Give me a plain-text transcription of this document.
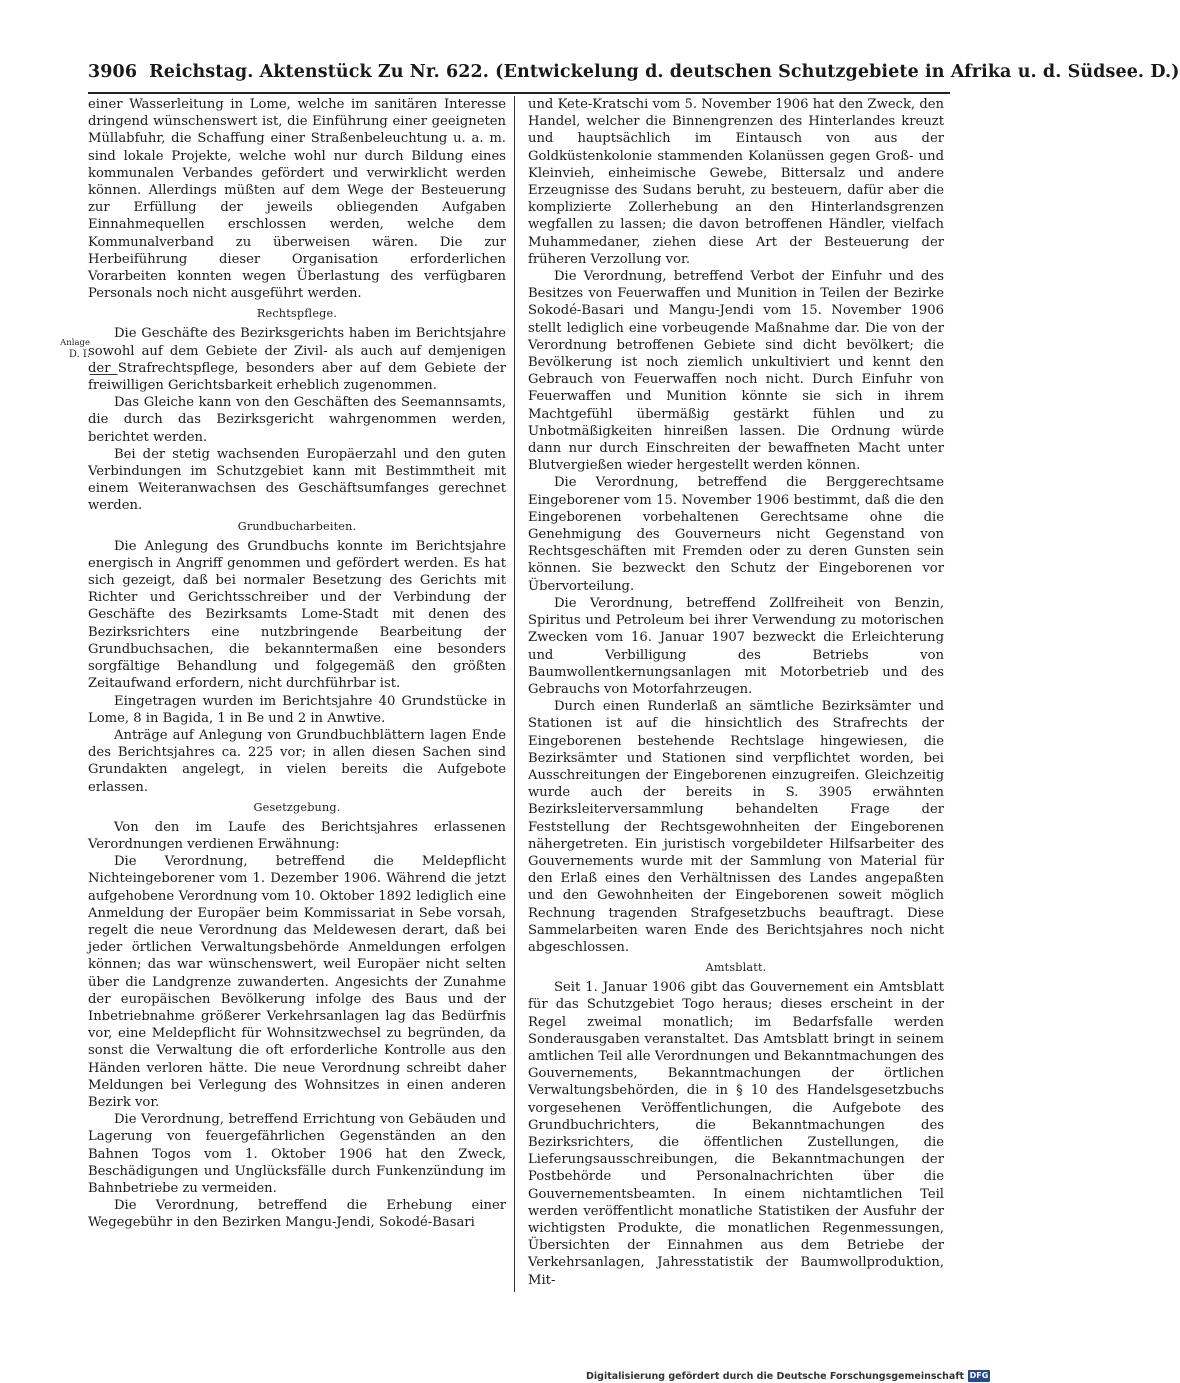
3906 Reichstag. Aktenstück Zu Nr. 622. (Entwickelung d. deutschen Schutzgebiete in Afrika u. d. Südsee. D.)
Anlage
D. I.

einer Wasserleitung in Lome, welche im sanitären Interesse dringend wünschenswert ist, die Einführung einer geeigneten Müllabfuhr, die Schaffung einer Straßenbeleuchtung u. a. m. sind lokale Projekte, welche wohl nur durch Bildung eines kommunalen Verbandes gefördert und verwirklicht werden können. Allerdings müßten auf dem Wege der Besteuerung zur Erfüllung der jeweils obliegenden Aufgaben Einnahmequellen erschlossen werden, welche dem Kommunalverband zu überweisen wären. Die zur Herbeiführung dieser Organisation erforderlichen Vorarbeiten konnten wegen Überlastung des verfügbaren Personals noch nicht ausgeführt werden.

Rechtspflege.

Die Geschäfte des Bezirksgerichts haben im Berichtsjahre sowohl auf dem Gebiete der Zivil- als auch auf demjenigen der Strafrechtspflege, besonders aber auf dem Gebiete der freiwilligen Gerichtsbarkeit erheblich zugenommen.

Das Gleiche kann von den Geschäften des Seemannsamts, die durch das Bezirksgericht wahrgenommen werden, berichtet werden.

Bei der stetig wachsenden Europäerzahl und den guten Verbindungen im Schutzgebiet kann mit Bestimmtheit mit einem Weiteranwachsen des Geschäftsumfanges gerechnet werden.

Grundbucharbeiten.

Die Anlegung des Grundbuchs konnte im Berichtsjahre energisch in Angriff genommen und gefördert werden. Es hat sich gezeigt, daß bei normaler Besetzung des Gerichts mit Richter und Gerichtsschreiber und der Verbindung der Geschäfte des Bezirksamts Lome-Stadt mit denen des Bezirksrichters eine nutzbringende Bearbeitung der Grundbuchsachen, die bekanntermaßen eine besonders sorgfältige Behandlung und folgegemäß den größten Zeitaufwand erfordern, nicht durchführbar ist.

Eingetragen wurden im Berichtsjahre 40 Grundstücke in Lome, 8 in Bagida, 1 in Be und 2 in Anwtive.

Anträge auf Anlegung von Grundbuchblättern lagen Ende des Berichtsjahres ca. 225 vor; in allen diesen Sachen sind Grundakten angelegt, in vielen bereits die Aufgebote erlassen.

Gesetzgebung.

Von den im Laufe des Berichtsjahres erlassenen Verordnungen verdienen Erwähnung:

Die Verordnung, betreffend die Meldepflicht Nichteingeborener vom 1. Dezember 1906. Während die jetzt aufgehobene Verordnung vom 10. Oktober 1892 lediglich eine Anmeldung der Europäer beim Kommissariat in Sebe vorsah, regelt die neue Verordnung das Meldewesen derart, daß bei jeder örtlichen Verwaltungsbehörde Anmeldungen erfolgen können; das war wünschenswert, weil Europäer nicht selten über die Landgrenze zuwanderten. Angesichts der Zunahme der europäischen Bevölkerung infolge des Baus und der Inbetriebnahme größerer Verkehrsanlagen lag das Bedürfnis vor, eine Meldepflicht für Wohnsitzwechsel zu begründen, da sonst die Verwaltung die oft erforderliche Kontrolle aus den Händen verloren hätte. Die neue Verordnung schreibt daher Meldungen bei Verlegung des Wohnsitzes in einen anderen Bezirk vor.

Die Verordnung, betreffend Errichtung von Gebäuden und Lagerung von feuergefährlichen Gegenständen an den Bahnen Togos vom 1. Oktober 1906 hat den Zweck, Beschädigungen und Unglücksfälle durch Funkenzündung im Bahnbetriebe zu vermeiden.

Die Verordnung, betreffend die Erhebung einer Wegegebühr in den Bezirken Mangu-Jendi, Sokodé-Basari

und Kete-Kratschi vom 5. November 1906 hat den Zweck, den Handel, welcher die Binnengrenzen des Hinterlandes kreuzt und hauptsächlich im Eintausch von aus der Goldküstenkolonie stammenden Kolanüssen gegen Groß- und Kleinvieh, einheimische Gewebe, Bittersalz und andere Erzeugnisse des Sudans beruht, zu besteuern, dafür aber die komplizierte Zollerhebung an den Hinterlandsgrenzen wegfallen zu lassen; die davon betroffenen Händler, vielfach Muhammedaner, ziehen diese Art der Besteuerung der früheren Verzollung vor.

Die Verordnung, betreffend Verbot der Einfuhr und des Besitzes von Feuerwaffen und Munition in Teilen der Bezirke Sokodé-Basari und Mangu-Jendi vom 15. November 1906 stellt lediglich eine vorbeugende Maßnahme dar. Die von der Verordnung betroffenen Gebiete sind dicht bevölkert; die Bevölkerung ist noch ziemlich unkultiviert und kennt den Gebrauch von Feuerwaffen noch nicht. Durch Einfuhr von Feuerwaffen und Munition könnte sie sich in ihrem Machtgefühl übermäßig gestärkt fühlen und zu Unbotmäßigkeiten hinreißen lassen. Die Ordnung würde dann nur durch Einschreiten der bewaffneten Macht unter Blutvergießen wieder hergestellt werden können.

Die Verordnung, betreffend die Berggerechtsame Eingeborener vom 15. November 1906 bestimmt, daß die den Eingeborenen vorbehaltenen Gerechtsame ohne die Genehmigung des Gouverneurs nicht Gegenstand von Rechtsgeschäften mit Fremden oder zu deren Gunsten sein können. Sie bezweckt den Schutz der Eingeborenen vor Übervorteilung.

Die Verordnung, betreffend Zollfreiheit von Benzin, Spiritus und Petroleum bei ihrer Verwendung zu motorischen Zwecken vom 16. Januar 1907 bezweckt die Erleichterung und Verbilligung des Betriebs von Baumwollentkernungsanlagen mit Motorbetrieb und des Gebrauchs von Motorfahrzeugen.

Durch einen Runderlaß an sämtliche Bezirksämter und Stationen ist auf die hinsichtlich des Strafrechts der Eingeborenen bestehende Rechtslage hingewiesen, die Bezirksämter und Stationen sind verpflichtet worden, bei Ausschreitungen der Eingeborenen einzugreifen. Gleichzeitig wurde auch der bereits in S. 3905 erwähnten Bezirksleiterversammlung behandelten Frage der Feststellung der Rechtsgewohnheiten der Eingeborenen nähergetreten. Ein juristisch vorgebildeter Hilfsarbeiter des Gouvernements wurde mit der Sammlung von Material für den Erlaß eines den Verhältnissen des Landes angepaßten und den Gewohnheiten der Eingeborenen soweit möglich Rechnung tragenden Strafgesetzbuchs beauftragt. Diese Sammelarbeiten waren Ende des Berichtsjahres noch nicht abgeschlossen.

Amtsblatt.

Seit 1. Januar 1906 gibt das Gouvernement ein Amtsblatt für das Schutzgebiet Togo heraus; dieses erscheint in der Regel zweimal monatlich; im Bedarfsfalle werden Sonderausgaben veranstaltet. Das Amtsblatt bringt in seinem amtlichen Teil alle Verordnungen und Bekanntmachungen des Gouvernements, Bekanntmachungen der örtlichen Verwaltungsbehörden, die in § 10 des Handelsgesetzbuchs vorgesehenen Veröffentlichungen, die Aufgebote des Grundbuchrichters, die Bekanntmachungen des Bezirksrichters, die öffentlichen Zustellungen, die Lieferungsausschreibungen, die Bekanntmachungen der Postbehörde und Personalnachrichten über die Gouvernementsbeamten. In einem nichtamtlichen Teil werden veröffentlicht monatliche Statistiken der Ausfuhr der wichtigsten Produkte, die monatlichen Regenmessungen, Übersichten der Einnahmen aus dem Betriebe der Verkehrsanlagen, Jahresstatistik der Baumwollproduktion, Mit-

Digitalisierung gefördert durch die Deutsche Forschungsgemeinschaft DFG
